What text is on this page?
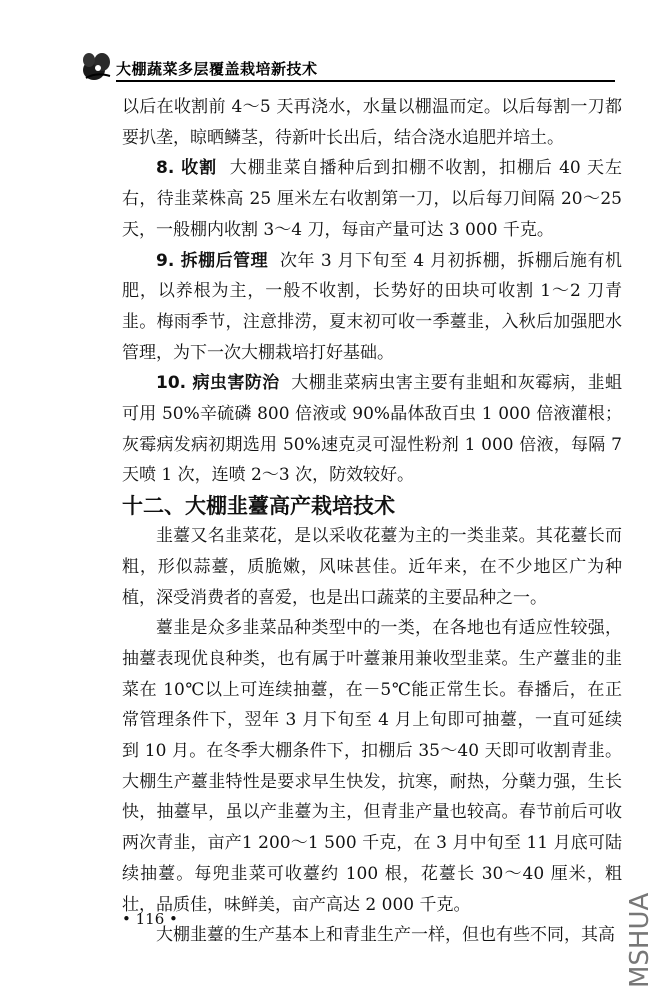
大棚蔬菜多层覆盖栽培新技术

以后在收割前 4～5 天再浇水，水量以棚温而定。以后每割一刀都要扒垄，晾晒鳞茎，待新叶长出后，结合浇水追肥并培土。

8. 收割 大棚韭菜自播种后到扣棚不收割，扣棚后 40 天左右，待韭菜株高 25 厘米左右收割第一刀，以后每刀间隔 20～25 天，一般棚内收割 3～4 刀，每亩产量可达 3 000 千克。

9. 拆棚后管理 次年 3 月下旬至 4 月初拆棚，拆棚后施有机肥，以养根为主，一般不收割，长势好的田块可收割 1～2 刀青韭。梅雨季节，注意排涝，夏末初可收一季薹韭，入秋后加强肥水管理，为下一次大棚栽培打好基础。

10. 病虫害防治 大棚韭菜病虫害主要有韭蛆和灰霉病，韭蛆可用 50%辛硫磷 800 倍液或 90%晶体敌百虫 1 000 倍液灌根；灰霉病发病初期选用 50%速克灵可湿性粉剂 1 000 倍液，每隔 7 天喷 1 次，连喷 2～3 次，防效较好。

十二、大棚韭薹高产栽培技术

韭薹又名韭菜花，是以采收花薹为主的一类韭菜。其花薹长而粗，形似蒜薹，质脆嫩，风味甚佳。近年来，在不少地区广为种植，深受消费者的喜爱，也是出口蔬菜的主要品种之一。

薹韭是众多韭菜品种类型中的一类，在各地也有适应性较强，抽薹表现优良种类，也有属于叶薹兼用兼收型韭菜。生产薹韭的韭菜在 10℃以上可连续抽薹，在－5℃能正常生长。春播后，在正常管理条件下，翌年 3 月下旬至 4 月上旬即可抽薹，一直可延续到 10 月。在冬季大棚条件下，扣棚后 35～40 天即可收割青韭。大棚生产薹韭特性是要求早生快发，抗寒，耐热，分蘖力强，生长快，抽薹早，虽以产韭薹为主，但青韭产量也较高。春节前后可收两次青韭，亩产1 200～1 500 千克，在 3 月中旬至 11 月底可陆续抽薹。每兜韭菜可收薹约 100 根，花薹长 30～40 厘米，粗壮，品质佳，味鲜美，亩产高达 2 000 千克。

大棚韭薹的生产基本上和青韭生产一样，但也有些不同，其高

• 116 •	MSHUA
